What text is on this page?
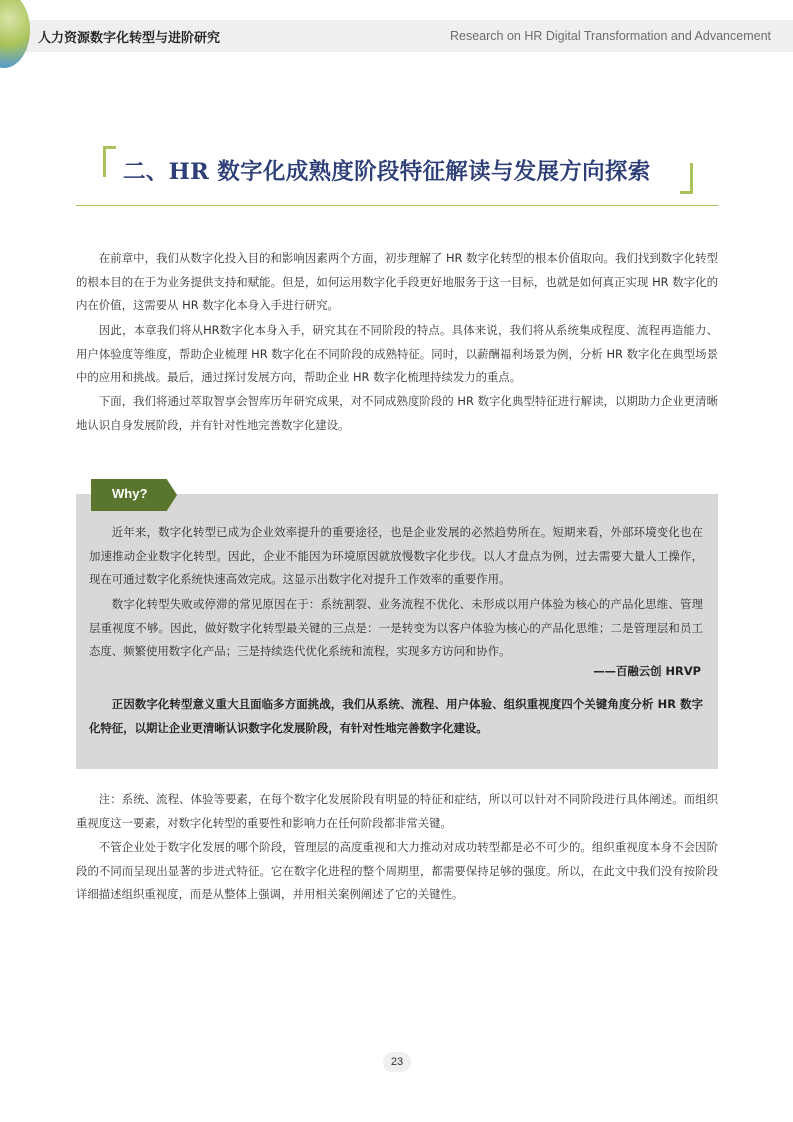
人力资源数字化转型与进阶研究	Research on HR Digital Transformation and Advancement
二、HR 数字化成熟度阶段特征解读与发展方向探索

在前章中，我们从数字化投入目的和影响因素两个方面，初步理解了 HR 数字化转型的根本价值取向。我们找到数字化转型的根本目的在于为业务提供支持和赋能。但是，如何运用数字化手段更好地服务于这一目标，也就是如何真正实现 HR 数字化的内在价值，这需要从 HR 数字化本身入手进行研究。

因此，本章我们将从HR数字化本身入手，研究其在不同阶段的特点。具体来说，我们将从系统集成程度、流程再造能力、用户体验度等维度，帮助企业梳理 HR 数字化在不同阶段的成熟特征。同时，以薪酬福利场景为例，分析 HR 数字化在典型场景中的应用和挑战。最后，通过探讨发展方向，帮助企业 HR 数字化梳理持续发力的重点。

下面，我们将通过萃取智享会智库历年研究成果，对不同成熟度阶段的 HR 数字化典型特征进行解读，以期助力企业更清晰地认识自身发展阶段，并有针对性地完善数字化建设。

Why?

近年来，数字化转型已成为企业效率提升的重要途径，也是企业发展的必然趋势所在。短期来看，外部环境变化也在加速推动企业数字化转型。因此，企业不能因为环境原因就放慢数字化步伐。以人才盘点为例，过去需要大量人工操作，现在可通过数字化系统快速高效完成。这显示出数字化对提升工作效率的重要作用。

数字化转型失败或停滞的常见原因在于：系统割裂、业务流程不优化、未形成以用户体验为核心的产品化思维、管理层重视度不够。因此，做好数字化转型最关键的三点是：一是转变为以客户体验为核心的产品化思维；二是管理层和员工态度、频繁使用数字化产品；三是持续迭代优化系统和流程，实现多方访问和协作。

——百融云创 HRVP

正因数字化转型意义重大且面临多方面挑战，我们从系统、流程、用户体验、组织重视度四个关键角度分析 HR 数字化特征，以期让企业更清晰认识数字化发展阶段，有针对性地完善数字化建设。

注：系统、流程、体验等要素，在每个数字化发展阶段有明显的特征和症结，所以可以针对不同阶段进行具体阐述。而组织重视度这一要素，对数字化转型的重要性和影响力在任何阶段都非常关键。

不管企业处于数字化发展的哪个阶段，管理层的高度重视和大力推动对成功转型都是必不可少的。组织重视度本身不会因阶段的不同而呈现出显著的步进式特征。它在数字化进程的整个周期里，都需要保持足够的强度。所以，在此文中我们没有按阶段详细描述组织重视度，而是从整体上强调，并用相关案例阐述了它的关键性。

23
